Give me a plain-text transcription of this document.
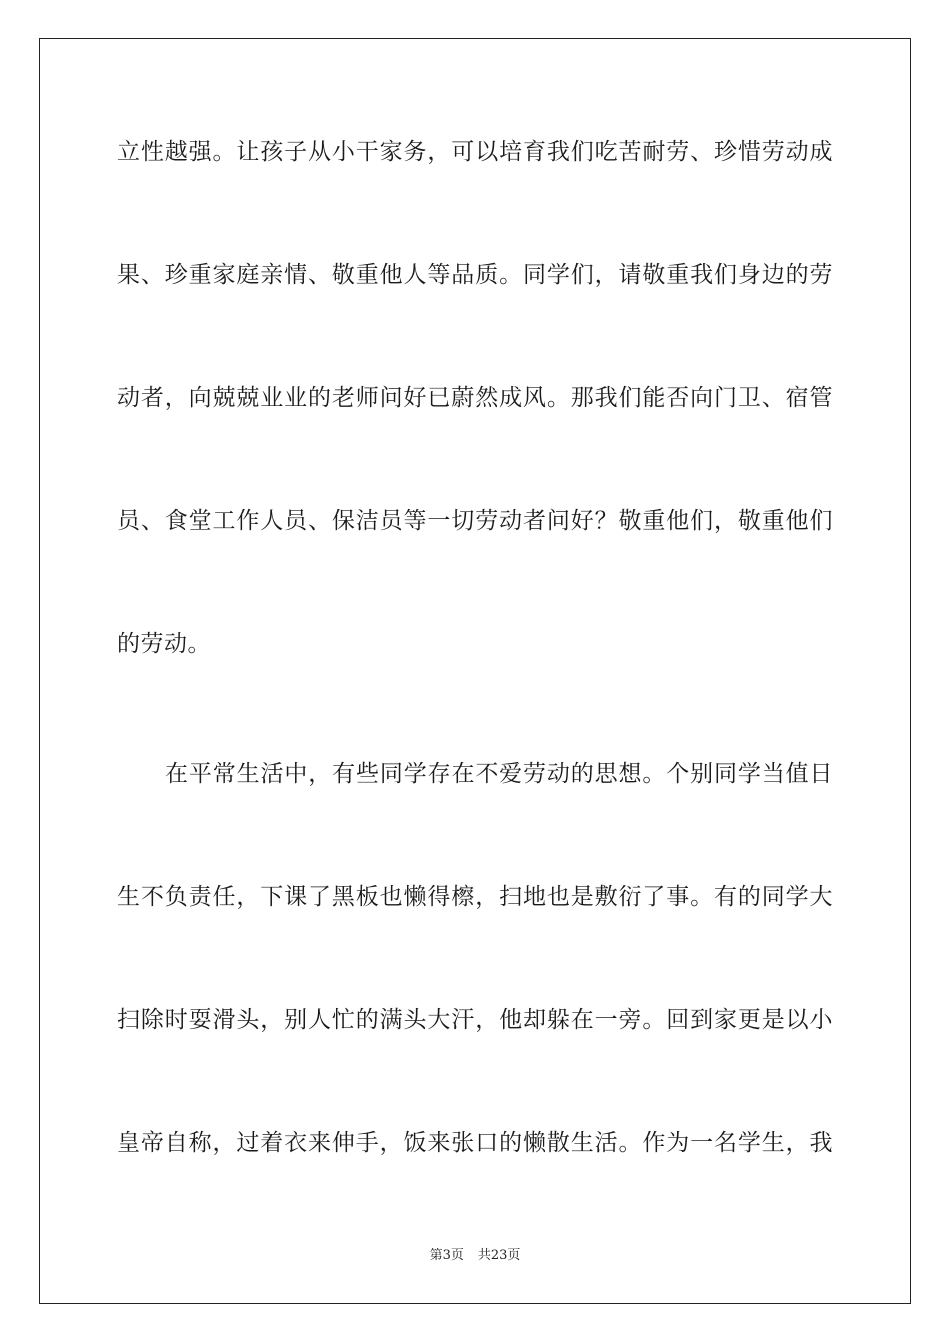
立性越强。让孩子从小干家务，可以培育我们吃苦耐劳、珍惜劳动成
果、珍重家庭亲情、敬重他人等品质。同学们，请敬重我们身边的劳
动者，向兢兢业业的老师问好已蔚然成风。那我们能否向门卫、宿管
员、食堂工作人员、保洁员等一切劳动者问好？敬重他们，敬重他们
的劳动。
在平常生活中，有些同学存在不爱劳动的思想。个别同学当值日
生不负责任，下课了黑板也懒得檫，扫地也是敷衍了事。有的同学大
扫除时耍滑头，别人忙的满头大汗，他却躲在一旁。回到家更是以小
皇帝自称，过着衣来伸手，饭来张口的懒散生活。作为一名学生，我
第3页 共23页
